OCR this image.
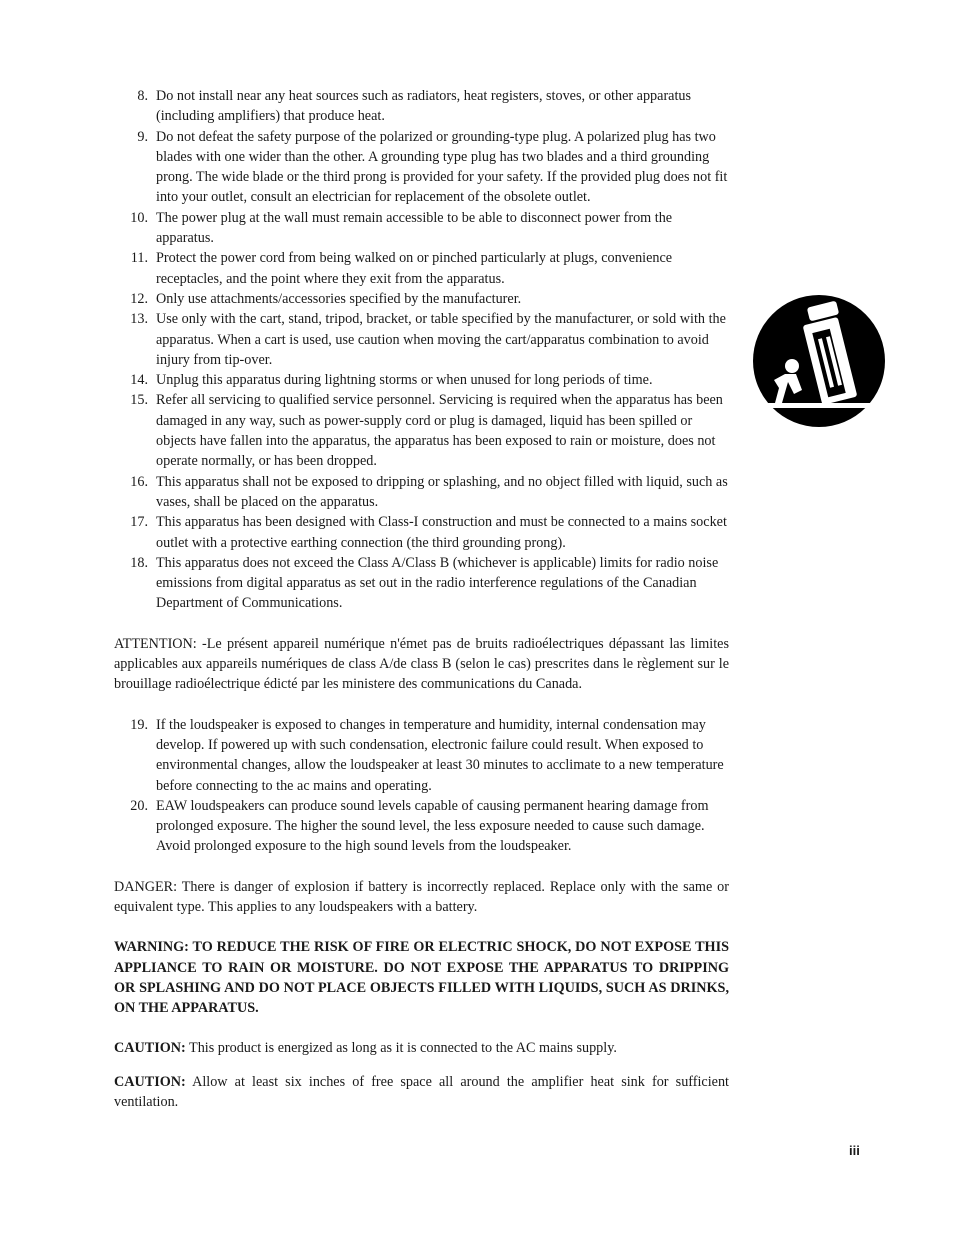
8. Do not install near any heat sources such as radiators, heat registers, stoves, or other apparatus (including amplifiers) that produce heat.
9. Do not defeat the safety purpose of the polarized or grounding-type plug. A polarized plug has two blades with one wider than the other. A grounding type plug has two blades and a third grounding prong. The wide blade or the third prong is provided for your safety. If the provided plug does not fit into your outlet, consult an electrician for replacement of the obsolete outlet.
10. The power plug at the wall must remain accessible to be able to disconnect power from the apparatus.
11. Protect the power cord from being walked on or pinched particularly at plugs, convenience receptacles, and the point where they exit from the apparatus.
12. Only use attachments/accessories specified by the manufacturer.
13. Use only with the cart, stand, tripod, bracket, or table specified by the manufacturer, or sold with the apparatus. When a cart is used, use caution when moving the cart/apparatus combination to avoid injury from tip-over.
14. Unplug this apparatus during lightning storms or when unused for long periods of time.
15. Refer all servicing to qualified service personnel. Servicing is required when the apparatus has been damaged in any way, such as power-supply cord or plug is damaged, liquid has been spilled or objects have fallen into the apparatus, the apparatus has been exposed to rain or moisture, does not operate normally, or has been dropped.
16. This apparatus shall not be exposed to dripping or splashing, and no object filled with liquid, such as vases, shall be placed on the apparatus.
17. This apparatus has been designed with Class-I construction and must be connected to a mains socket outlet with a protective earthing connection (the third grounding prong).
18. This apparatus does not exceed the Class A/Class B (whichever is applicable) limits for radio noise emissions from digital apparatus as set out in the radio interference regulations of the Canadian Department of Communications.

ATTENTION: -Le présent appareil numérique n'émet pas de bruits radioélectriques dépassant las limites applicables aux appareils numériques de class A/de class B (selon le cas) prescrites dans le règlement sur le brouillage radioélectrique édicté par les ministere des communications du Canada.

19. If the loudspeaker is exposed to changes in temperature and humidity, internal condensation may develop. If powered up with such condensation, electronic failure could result. When exposed to environmental changes, allow the loudspeaker at least 30 minutes to acclimate to a new temperature before connecting to the ac mains and operating.
20. EAW loudspeakers can produce sound levels capable of causing permanent hearing damage from prolonged exposure. The higher the sound level, the less exposure needed to cause such damage. Avoid prolonged exposure to the high sound levels from the loudspeaker.

DANGER: There is danger of explosion if battery is incorrectly replaced. Replace only with the same or equivalent type. This applies to any loudspeakers with a battery.

WARNING: TO REDUCE THE RISK OF FIRE OR ELECTRIC SHOCK, DO NOT EXPOSE THIS APPLIANCE TO RAIN OR MOISTURE. DO NOT EXPOSE THE APPARATUS TO DRIPPING OR SPLASHING AND DO NOT PLACE OBJECTS FILLED WITH LIQUIDS, SUCH AS DRINKS, ON THE APPARATUS.

CAUTION: This product is energized as long as it is connected to the AC mains supply.

CAUTION: Allow at least six inches of free space all around the amplifier heat sink for sufficient ventilation.

iii
